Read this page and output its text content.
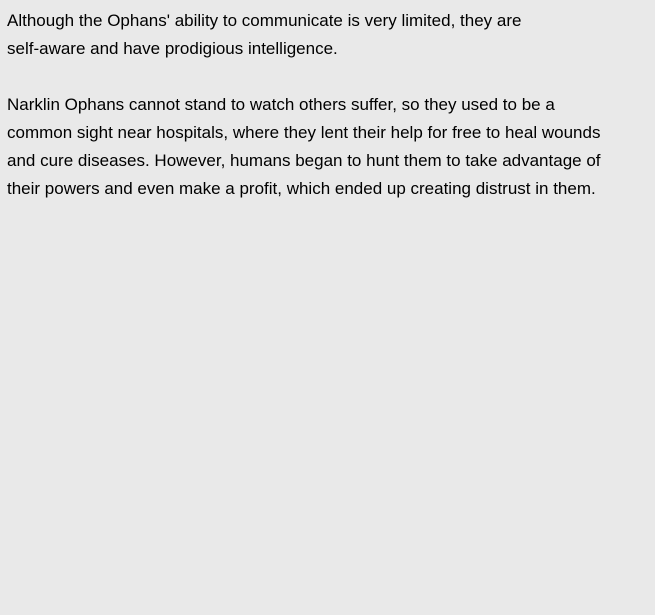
Although the Ophans' ability to communicate is very limited, they are
self-aware and have prodigious intelligence.

Narklin Ophans cannot stand to watch others suffer, so they used to be a
common sight near hospitals, where they lent their help for free to heal wounds
and cure diseases. However, humans began to hunt them to take advantage of
their powers and even make a profit, which ended up creating distrust in them.
